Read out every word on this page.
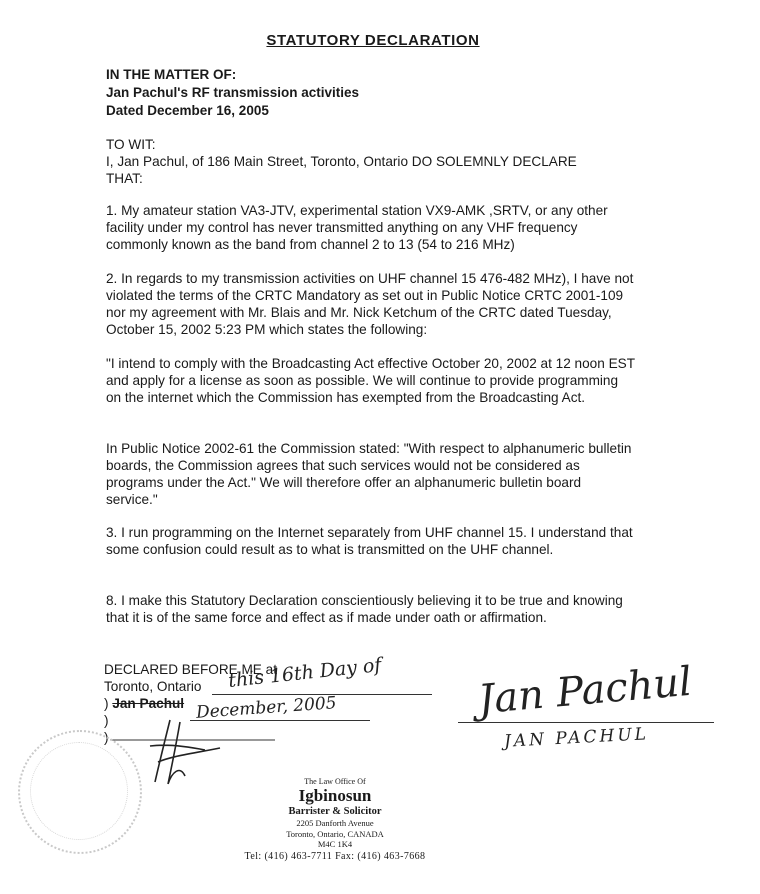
STATUTORY DECLARATION
IN THE MATTER OF:
Jan Pachul's RF transmission activities
Dated December 16, 2005

TO WIT:

I, Jan Pachul, of 186 Main Street, Toronto, Ontario DO SOLEMNLY DECLARE

THAT:

1. My amateur station VA3-JTV, experimental station VX9-AMK ,SRTV, or any other facility under my control has never transmitted anything on any VHF frequency commonly known as the band from channel 2 to 13 (54 to 216 MHz)

2. In regards to my transmission activities on UHF channel 15 476-482 MHz), I have not violated the terms of the CRTC Mandatory as set out in Public Notice CRTC 2001-109 nor my agreement with Mr. Blais and Mr. Nick Ketchum of the CRTC dated Tuesday, October 15, 2002 5:23 PM which states the following:

"I intend to comply with the Broadcasting Act effective October 20, 2002 at 12 noon EST and apply for a license as soon as possible. We will continue to provide programming on the internet which the Commission has exempted from the Broadcasting Act.

In Public Notice 2002-61 the Commission stated: "With respect to alphanumeric bulletin boards, the Commission agrees that such services would not be considered as programs under the Act." We will therefore offer an alphanumeric bulletin board service."

3. I run programming on the Internet separately from UHF channel 15. I understand that some confusion could result as to what is transmitted on the UHF channel.

8. I make this Statutory Declaration conscientiously believing it to be true and knowing that it is of the same force and effect as if made under oath or affirmation.

DECLARED BEFORE ME at
Toronto, Ontario
) Jan Pachul
)
)
this 16th Day of
December, 2005	Jan Pachul
JAN PACHUL
The Law Office Of
Igbinosun
Barrister & Solicitor
2205 Danforth Avenue
Toronto, Ontario, CANADA
M4C 1K4
Tel: (416) 463-7711 Fax: (416) 463-7668
